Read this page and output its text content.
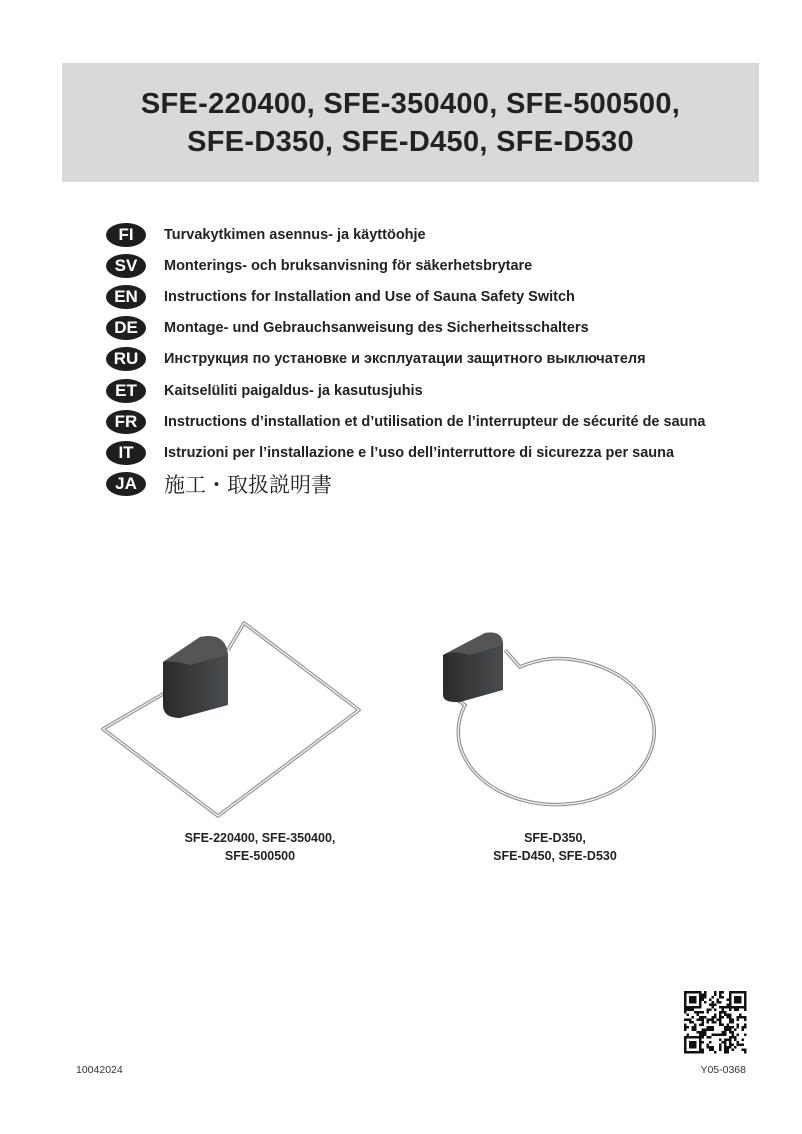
SFE-220400, SFE-350400, SFE-500500,
SFE-D350, SFE-D450, SFE-D530
FI	Turvakytkimen asennus- ja käyttöohje
SV	Monterings- och bruksanvisning för säkerhetsbrytare
EN	Instructions for Installation and Use of Sauna Safety Switch
DE	Montage- und Gebrauchsanweisung des Sicherheitsschalters
RU	Инструкция по установке и эксплуатации защитного выключателя
ET	Kaitselüliti paigaldus- ja kasutusjuhis
FR	Instructions d’installation et d’utilisation de l’interrupteur de sécurité de sauna
IT	Istruzioni per l’installazione e l’uso dell’interruttore di sicurezza per sauna
JA	施工・取扱説明書
SFE-220400, SFE-350400,
SFE-500500
SFE-D350,
SFE-D450, SFE-D530
10042024	Y05-0368
